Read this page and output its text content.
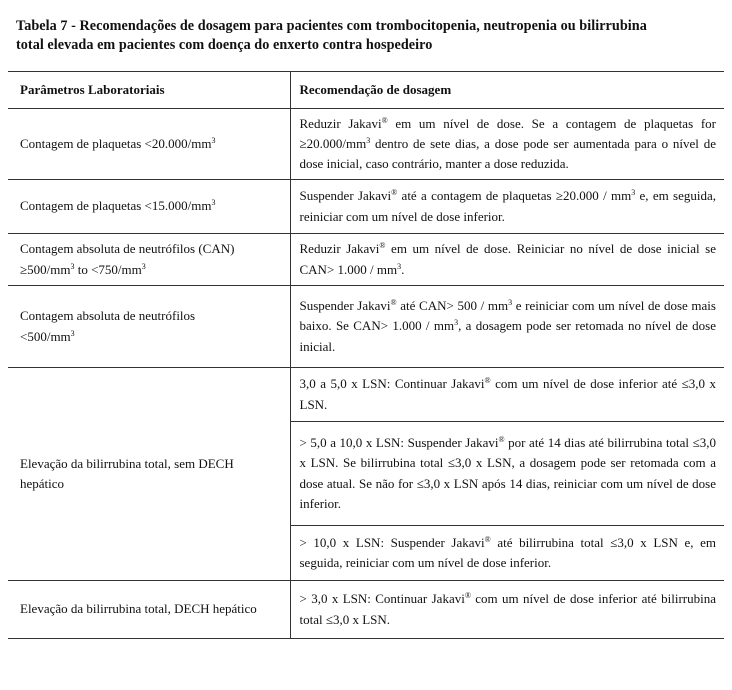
Tabela 7 - Recomendações de dosagem para pacientes com trombocitopenia, neutropenia ou bilirrubina
total elevada em pacientes com doença do enxerto contra hospedeiro
Parâmetros Laboratoriais	Recomendação de dosagem
Contagem de plaquetas $<20.000/mm^3$	Reduzir Jakavi® em um nível de dose. Se a contagem de plaquetas for $\ge 20.000/mm^3$ dentro de sete dias, a dose pode ser aumentada para o nível de dose inicial, caso contrário, manter a dose reduzida.
Contagem de plaquetas $<15.000/mm^3$	Suspender Jakavi® até a contagem de plaquetas $\ge 20.000 / mm^3$ e, em seguida, reiniciar com um nível de dose inferior.
Contagem absoluta de neutrófilos (CAN)
$\ge 500/mm^3$ to $<750/mm^3$	Reduzir Jakavi® em um nível de dose. Reiniciar no nível de dose inicial se $CAN> 1.000 / mm^3$.
Contagem absoluta de neutrófilos
$<500/mm^3$	Suspender Jakavi® até $CAN> 500 / mm^3$ e reiniciar com um nível de dose mais baixo. Se $CAN> 1.000 / mm^3$, a dosagem pode ser retomada no nível de dose inicial.
Elevação da bilirrubina total, sem DECH hepático	3,0 a 5,0 x LSN: Continuar Jakavi® com um nível de dose inferior até ≤3,0 x LSN.
	> 5,0 a 10,0 x LSN: Suspender Jakavi® por até 14 dias até bilirrubina total ≤3,0 x LSN. Se bilirrubina total ≤3,0 x LSN, a dosagem pode ser retomada com a dose atual. Se não for ≤3,0 x LSN após 14 dias, reiniciar com um nível de dose inferior.
	> 10,0 x LSN: Suspender Jakavi® até bilirrubina total ≤3,0 x LSN e, em seguida, reiniciar com um nível de dose inferior.
Elevação da bilirrubina total, DECH hepático	> 3,0 x LSN: Continuar Jakavi® com um nível de dose inferior até bilirrubina total ≤3,0 x LSN.
